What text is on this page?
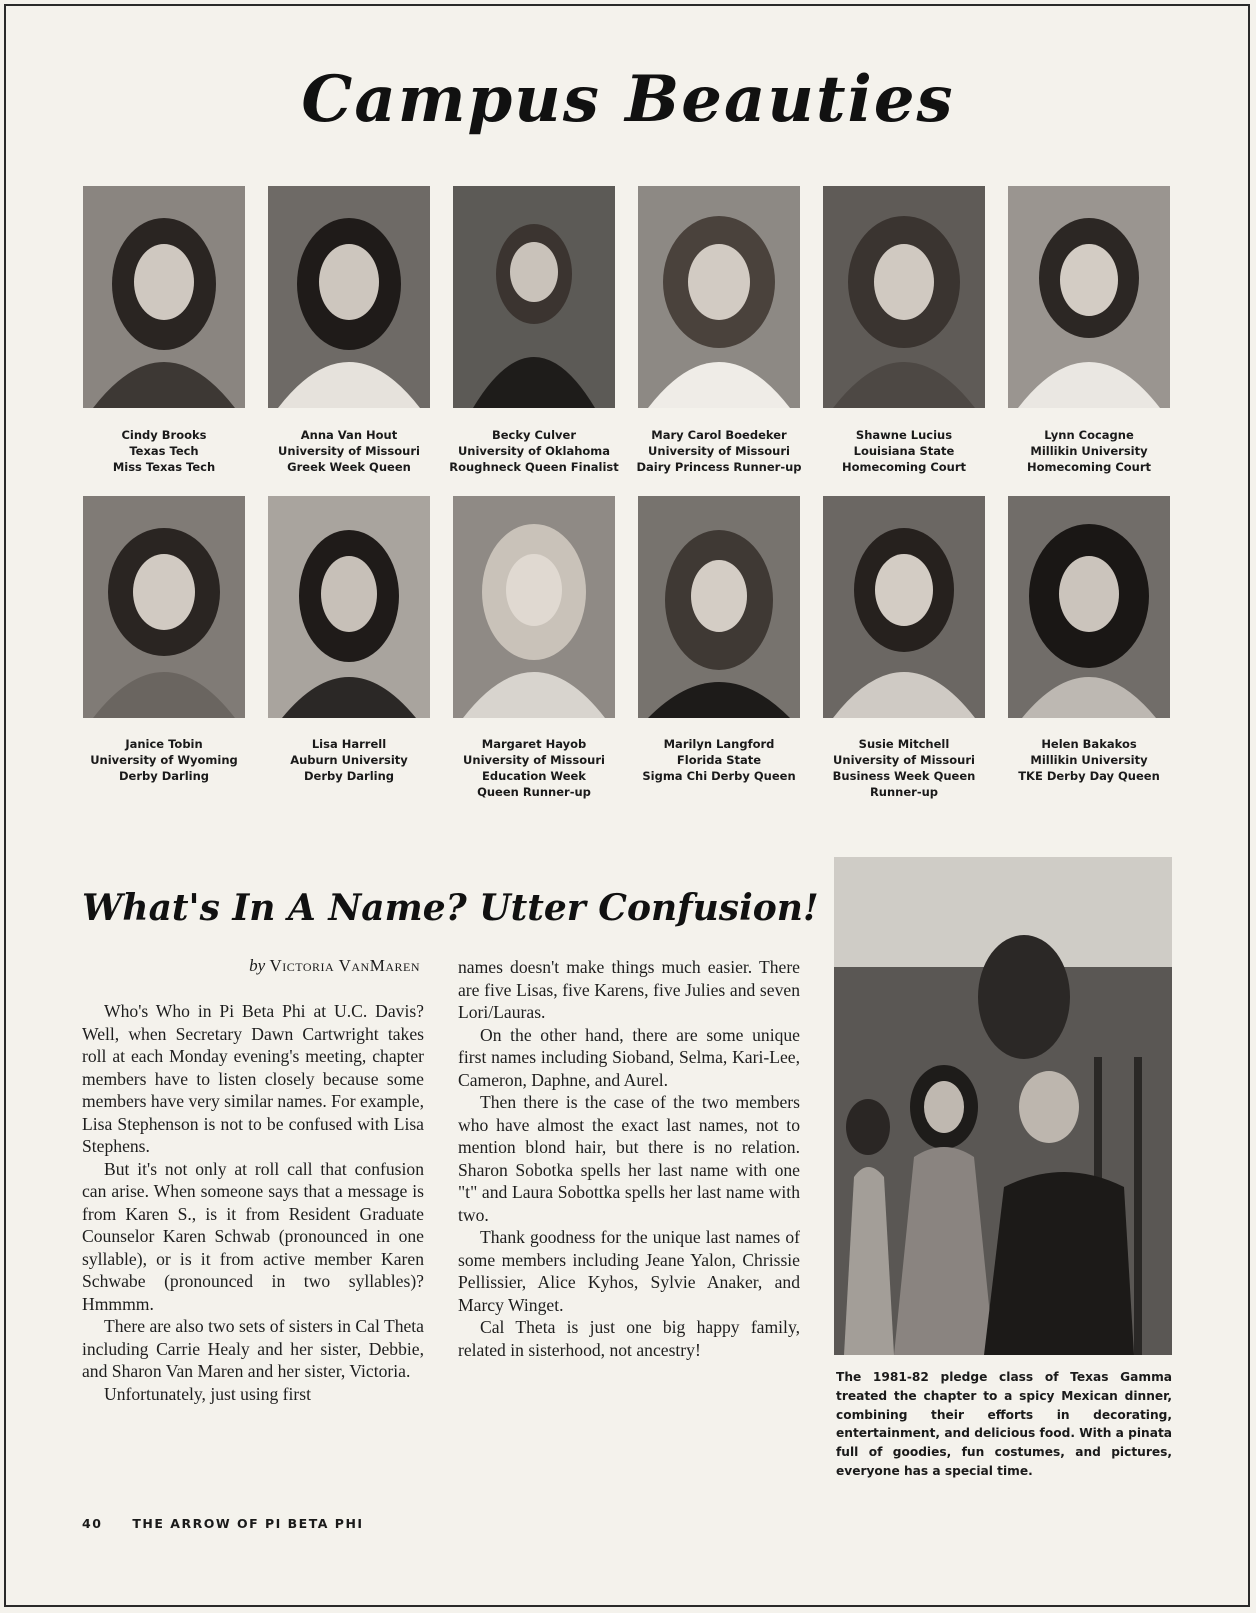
Campus Beauties
Cindy Brooks
Texas Tech
Miss Texas Tech
Anna Van Hout
University of Missouri
Greek Week Queen
Becky Culver
University of Oklahoma
Roughneck Queen Finalist
Mary Carol Boedeker
University of Missouri
Dairy Princess Runner-up
Shawne Lucius
Louisiana State
Homecoming Court
Lynn Cocagne
Millikin University
Homecoming Court
Janice Tobin
University of Wyoming
Derby Darling
Lisa Harrell
Auburn University
Derby Darling
Margaret Hayob
University of Missouri
Education Week
Queen Runner-up
Marilyn Langford
Florida State
Sigma Chi Derby Queen
Susie Mitchell
University of Missouri
Business Week Queen
Runner-up
Helen Bakakos
Millikin University
TKE Derby Day Queen
What's In A Name? Utter Confusion!
by Victoria VanMaren

Who's Who in Pi Beta Phi at U.C. Davis? Well, when Secretary Dawn Cartwright takes roll at each Monday evening's meeting, chapter members have to listen closely because some members have very similar names. For example, Lisa Stephenson is not to be confused with Lisa Stephens.

But it's not only at roll call that confusion can arise. When someone says that a message is from Karen S., is it from Resident Graduate Counselor Karen Schwab (pronounced in one syllable), or is it from active member Karen Schwabe (pronounced in two syllables)? Hmmmm.

There are also two sets of sisters in Cal Theta including Carrie Healy and her sister, Debbie, and Sharon Van Maren and her sister, Victoria.

Unfortunately, just using first

names doesn't make things much easier. There are five Lisas, five Karens, five Julies and seven Lori/Lauras.

On the other hand, there are some unique first names including Sioband, Selma, Kari-Lee, Cameron, Daphne, and Aurel.

Then there is the case of the two members who have almost the exact last names, not to mention blond hair, but there is no relation. Sharon Sobotka spells her last name with one "t" and Laura Sobottka spells her last name with two.

Thank goodness for the unique last names of some members including Jeane Yalon, Chrissie Pellissier, Alice Kyhos, Sylvie Anaker, and Marcy Winget.

Cal Theta is just one big happy family, related in sisterhood, not ancestry!

The 1981-82 pledge class of Texas Gamma treated the chapter to a spicy Mexican dinner, combining their efforts in decorating, entertainment, and delicious food. With a pinata full of goodies, fun costumes, and pictures, everyone has a special time.
40 THE ARROW OF PI BETA PHI
